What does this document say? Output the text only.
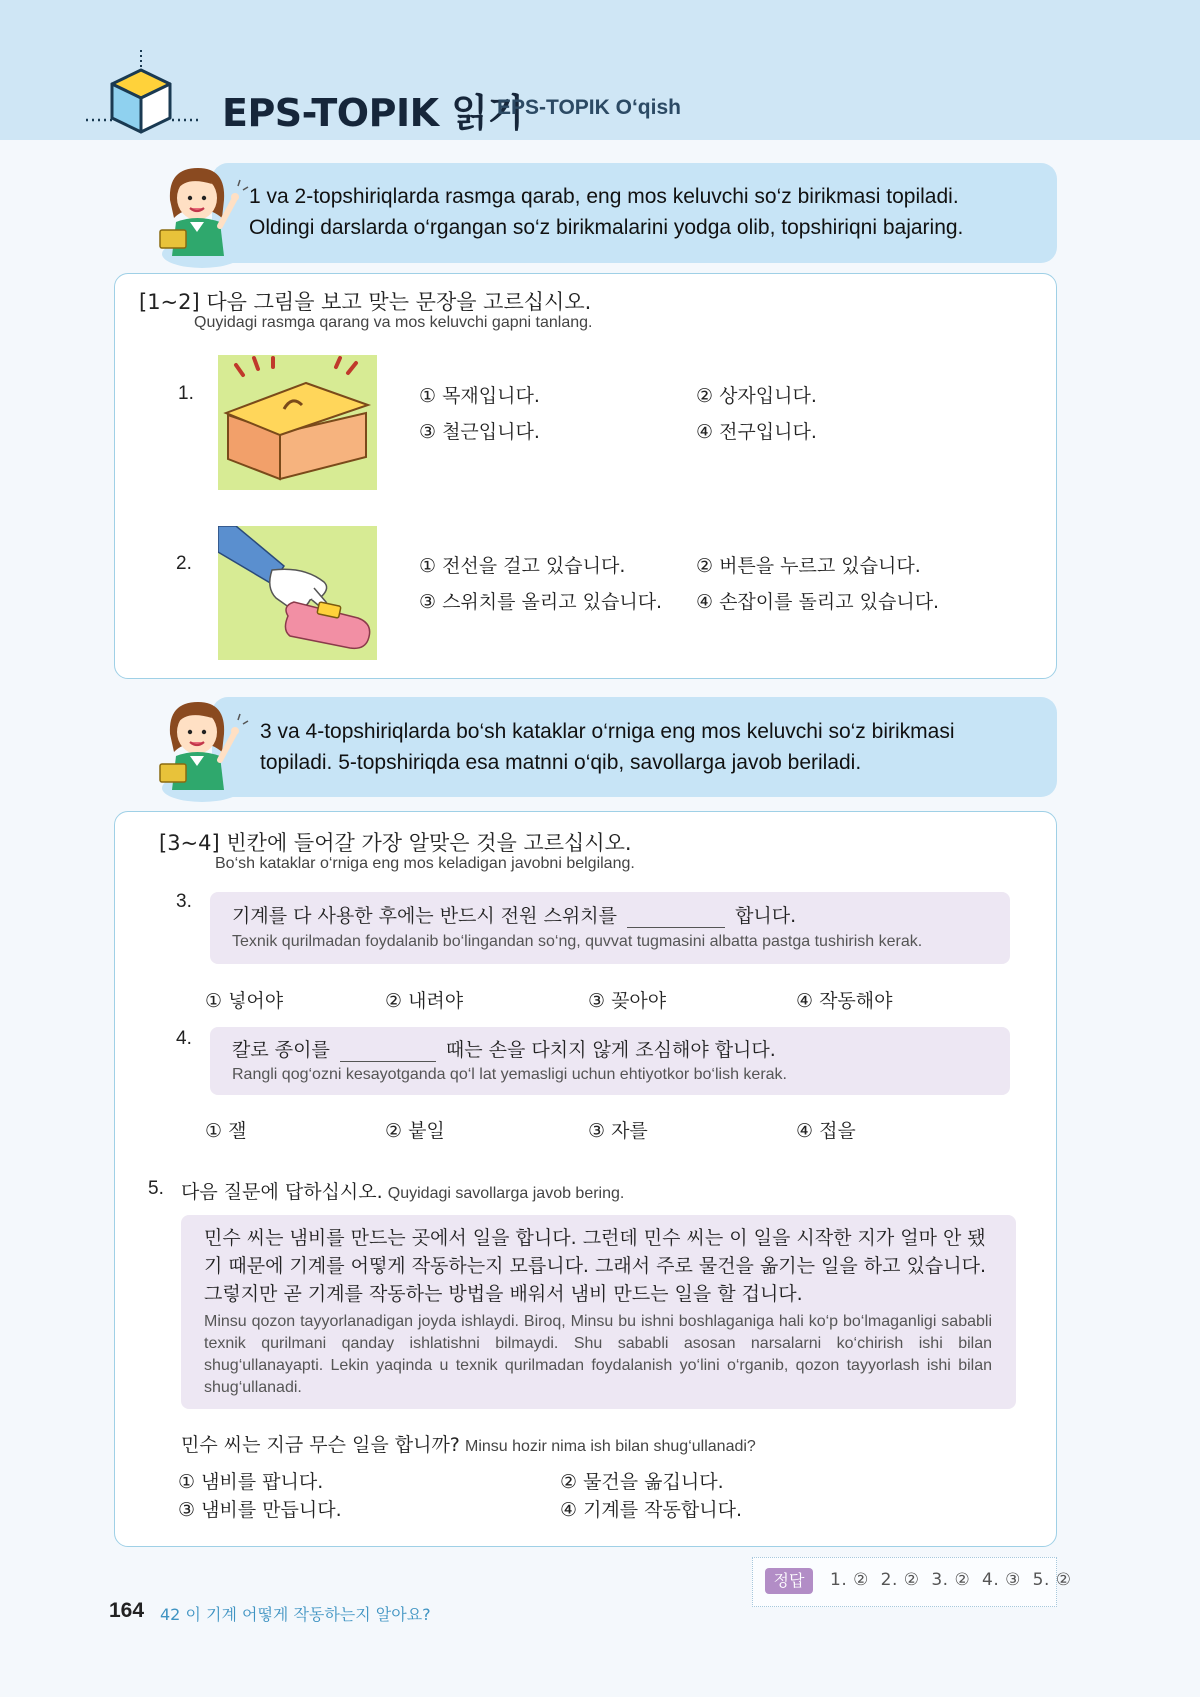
EPS-TOPIK 읽기
EPS-TOPIK O‘qish
1 va 2-topshiriqlarda rasmga qarab, eng mos keluvchi so‘z birikmasi topiladi.
Oldingi darslarda o‘rgangan so‘z birikmalarini yodga olib, topshiriqni bajaring.
[1~2] 다음 그림을 보고 맞는 문장을 고르십시오.
Quyidagi rasmga qarang va mos keluvchi gapni tanlang.
1.	① 목재입니다.	② 상자입니다.
③ 철근입니다.	④ 전구입니다.
2.	① 전선을 걸고 있습니다.	② 버튼을 누르고 있습니다.
③ 스위치를 올리고 있습니다. ④ 손잡이를 돌리고 있습니다.
3 va 4-topshiriqlarda bo‘sh kataklar o‘rniga eng mos keluvchi so‘z birikmasi
topiladi. 5-topshiriqda esa matnni o‘qib, savollarga javob beriladi.
[3~4] 빈칸에 들어갈 가장 알맞은 것을 고르십시오.
Bo‘sh kataklar o‘rniga eng mos keladigan javobni belgilang.
3.
기계를 다 사용한 후에는 반드시 전원 스위치를	합니다.
Texnik qurilmadan foydalanib bo‘lingandan so‘ng, quvvat tugmasini albatta pastga tushirish kerak.
① 넣어야	② 내려야	③ 꽂아야	④ 작동해야
4.
칼로 종이를	때는 손을 다치지 않게 조심해야 합니다.
Rangli qog‘ozni kesayotganda qo‘l lat yemasligi uchun ehtiyotkor bo‘lish kerak.
① 잴	② 붙일	③ 자를	④ 접을
5. 다음 질문에 답하십시오. Quyidagi savollarga javob bering.
민수 씨는 냄비를 만드는 곳에서 일을 합니다. 그런데 민수 씨는 이 일을 시작한 지가 얼마 안 됐기 때문에 기계를 어떻게 작동하는지 모릅니다. 그래서 주로 물건을 옮기는 일을 하고 있습니다. 그렇지만 곧 기계를 작동하는 방법을 배워서 냄비 만드는 일을 할 겁니다.
Minsu qozon tayyorlanadigan joyda ishlaydi. Biroq, Minsu bu ishni boshlaganiga hali ko‘p bo‘lmaganligi sababli texnik qurilmani qanday ishlatishni bilmaydi. Shu sababli asosan narsalarni ko‘chirish ishi bilan shug‘ullanayapti. Lekin yaqinda u texnik qurilmadan foydalanish yo‘lini o‘rganib, qozon tayyorlash ishi bilan shug‘ullanadi.
민수 씨는 지금 무슨 일을 합니까? Minsu hozir nima ish bilan shug‘ullanadi?
① 냄비를 팝니다.	② 물건을 옮깁니다.
③ 냄비를 만듭니다.	④ 기계를 작동합니다.
정답	1. ②  2. ②  3. ②  4. ③  5. ②
164 42 이 기계 어떻게 작동하는지 알아요?
